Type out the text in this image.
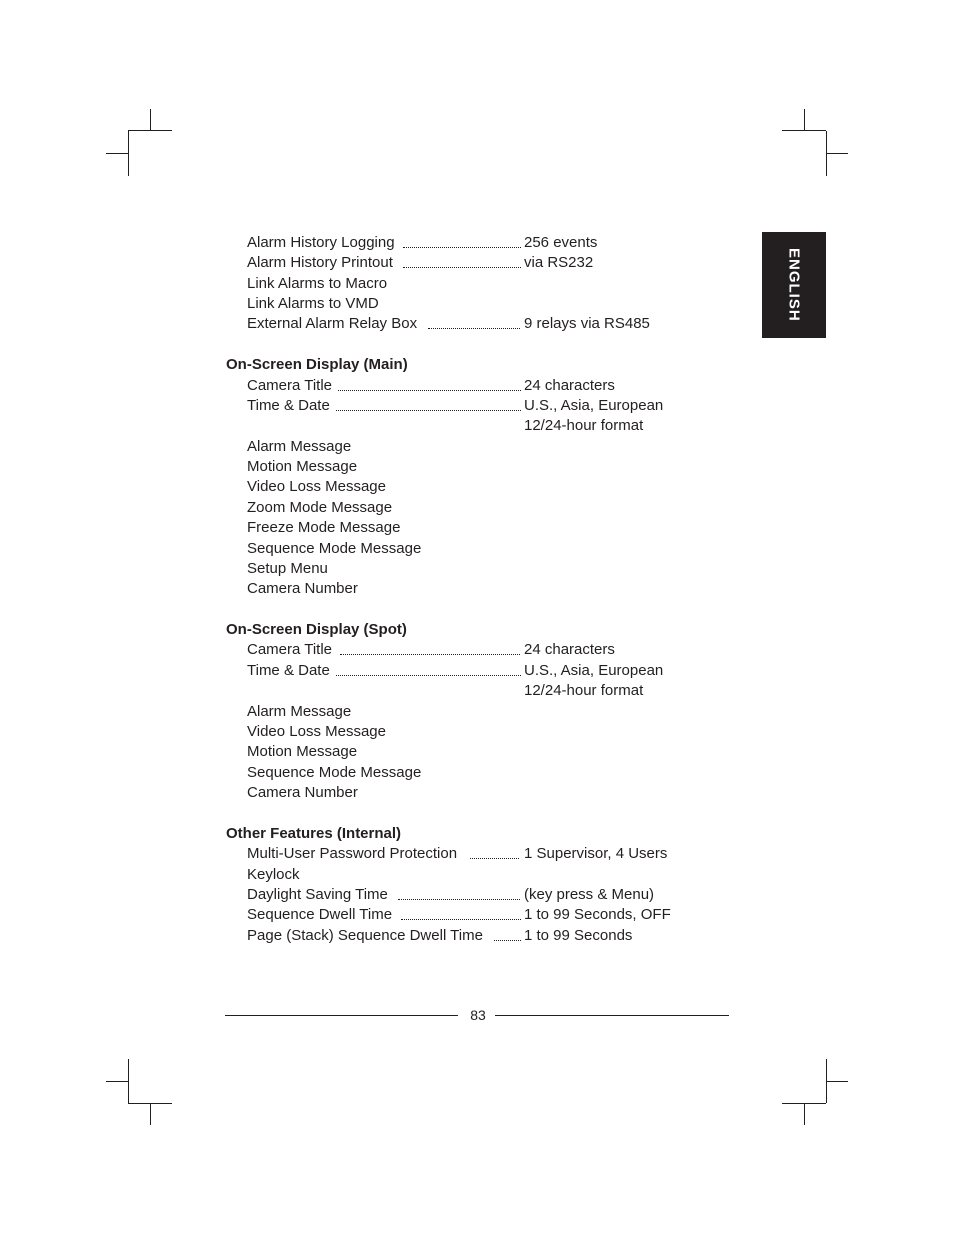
ENGLISH
Alarm History Logging	256 events
Alarm History Printout	via RS232
Link Alarms to Macro
Link Alarms to VMD
External Alarm Relay Box	9 relays via RS485
On-Screen Display (Main)
Camera Title	24 characters
Time & Date	U.S., Asia, European
12/24-hour format
Alarm Message
Motion Message
Video Loss Message
Zoom Mode Message
Freeze Mode Message
Sequence Mode Message
Setup Menu
Camera Number
On-Screen Display (Spot)
Camera Title	24 characters
Time & Date	U.S., Asia, European
12/24-hour format
Alarm Message
Video Loss Message
Motion Message
Sequence Mode Message
Camera Number
Other Features (Internal)
Multi-User Password Protection	1 Supervisor, 4 Users
Keylock
Daylight Saving Time	(key press & Menu)
Sequence Dwell Time	1 to 99 Seconds, OFF
Page (Stack) Sequence Dwell Time	1 to 99 Seconds
83
